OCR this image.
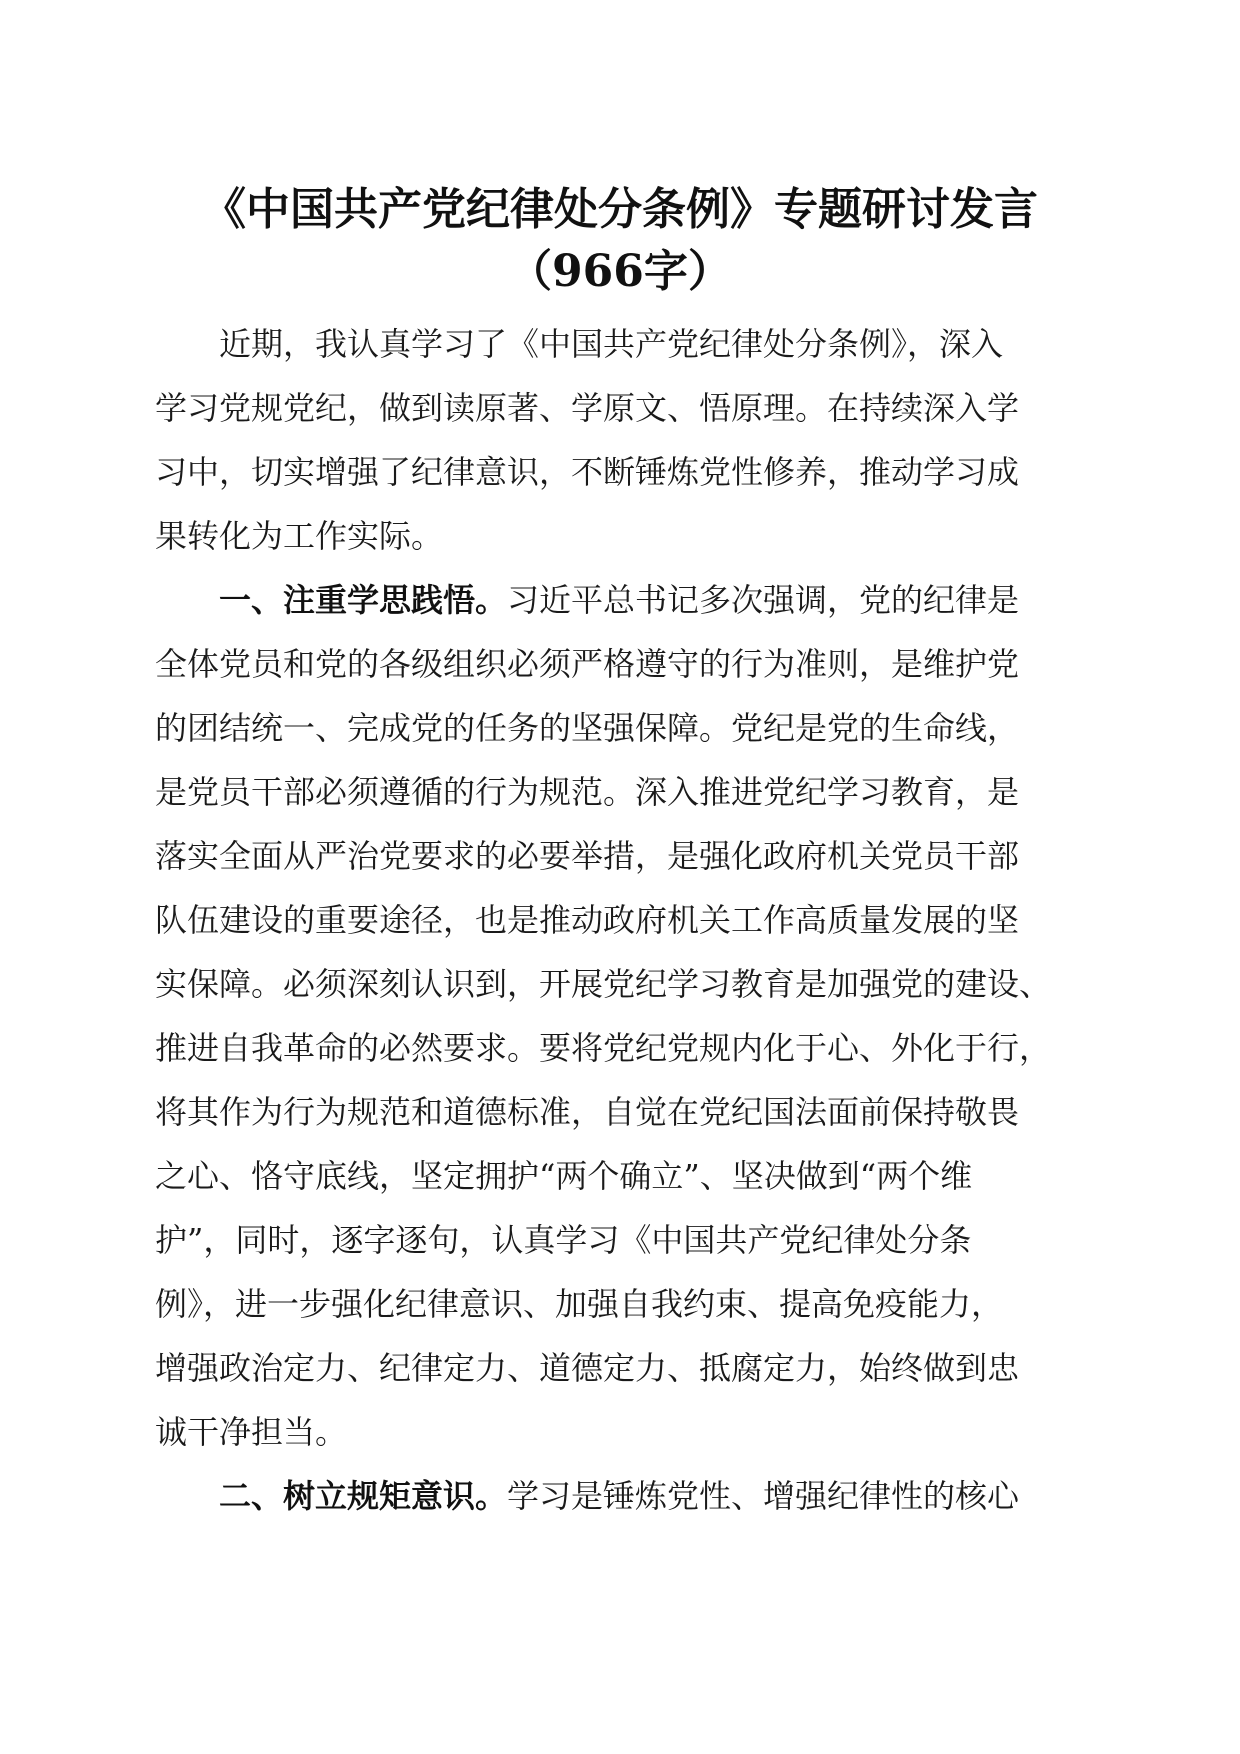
《中国共产党纪律处分条例》专题研讨发言
（966字）
近期，我认真学习了《中国共产党纪律处分条例》，深入
学习党规党纪，做到读原著、学原文、悟原理。在持续深入学
习中，切实增强了纪律意识，不断锤炼党性修养，推动学习成
果转化为工作实际。
一、注重学思践悟。习近平总书记多次强调，党的纪律是
全体党员和党的各级组织必须严格遵守的行为准则，是维护党
的团结统一、完成党的任务的坚强保障。党纪是党的生命线，
是党员干部必须遵循的行为规范。深入推进党纪学习教育，是
落实全面从严治党要求的必要举措，是强化政府机关党员干部
队伍建设的重要途径，也是推动政府机关工作高质量发展的坚
实保障。必须深刻认识到，开展党纪学习教育是加强党的建设、
推进自我革命的必然要求。要将党纪党规内化于心、外化于行，
将其作为行为规范和道德标准，自觉在党纪国法面前保持敬畏
之心、恪守底线，坚定拥护“两个确立”、坚决做到“两个维
护”，同时，逐字逐句，认真学习《中国共产党纪律处分条
例》，进一步强化纪律意识、加强自我约束、提高免疫能力，
增强政治定力、纪律定力、道德定力、抵腐定力，始终做到忠
诚干净担当。
二、树立规矩意识。学习是锤炼党性、增强纪律性的核心
